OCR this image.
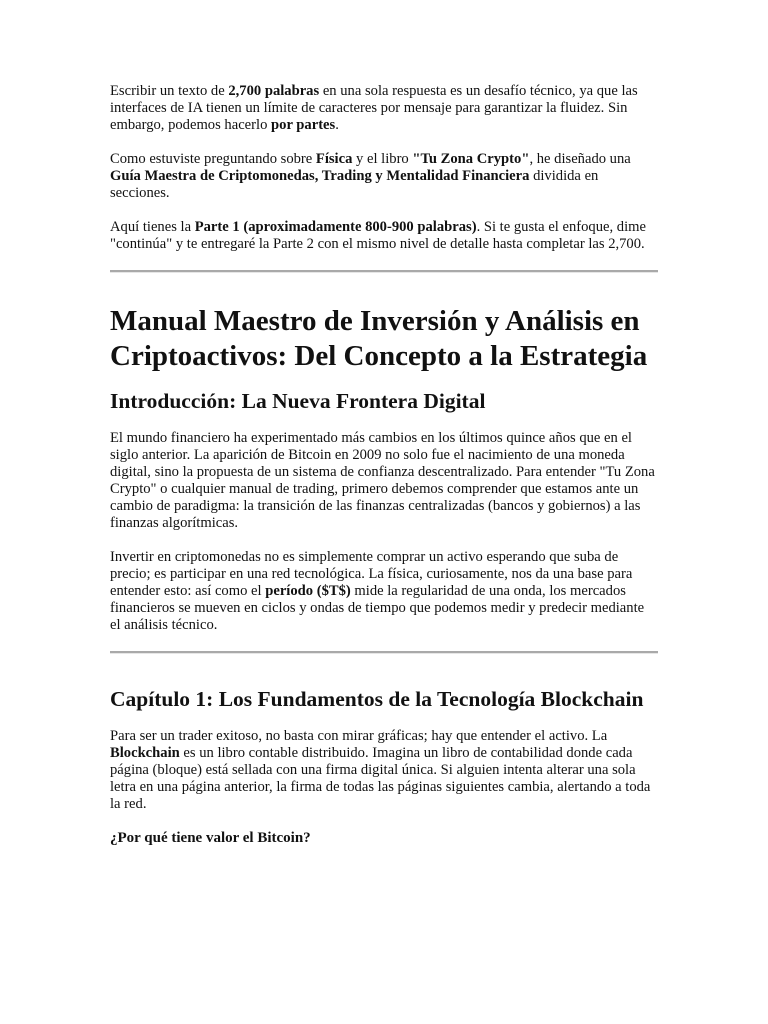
Escribir un texto de 2,700 palabras en una sola respuesta es un desafío técnico, ya que las interfaces de IA tienen un límite de caracteres por mensaje para garantizar la fluidez. Sin embargo, podemos hacerlo por partes.

Como estuviste preguntando sobre Física y el libro "Tu Zona Crypto", he diseñado una Guía Maestra de Criptomonedas, Trading y Mentalidad Financiera dividida en secciones.

Aquí tienes la Parte 1 (aproximadamente 800-900 palabras). Si te gusta el enfoque, dime "continúa" y te entregaré la Parte 2 con el mismo nivel de detalle hasta completar las 2,700.

Manual Maestro de Inversión y Análisis en Criptoactivos: Del Concepto a la Estrategia
Introducción: La Nueva Frontera Digital

El mundo financiero ha experimentado más cambios en los últimos quince años que en el siglo anterior. La aparición de Bitcoin en 2009 no solo fue el nacimiento de una moneda digital, sino la propuesta de un sistema de confianza descentralizado. Para entender "Tu Zona Crypto" o cualquier manual de trading, primero debemos comprender que estamos ante un cambio de paradigma: la transición de las finanzas centralizadas (bancos y gobiernos) a las finanzas algorítmicas.

Invertir en criptomonedas no es simplemente comprar un activo esperando que suba de precio; es participar en una red tecnológica. La física, curiosamente, nos da una base para entender esto: así como el período ($T$) mide la regularidad de una onda, los mercados financieros se mueven en ciclos y ondas de tiempo que podemos medir y predecir mediante el análisis técnico.

Capítulo 1: Los Fundamentos de la Tecnología Blockchain

Para ser un trader exitoso, no basta con mirar gráficas; hay que entender el activo. La Blockchain es un libro contable distribuido. Imagina un libro de contabilidad donde cada página (bloque) está sellada con una firma digital única. Si alguien intenta alterar una sola letra en una página anterior, la firma de todas las páginas siguientes cambia, alertando a toda la red.

¿Por qué tiene valor el Bitcoin?
